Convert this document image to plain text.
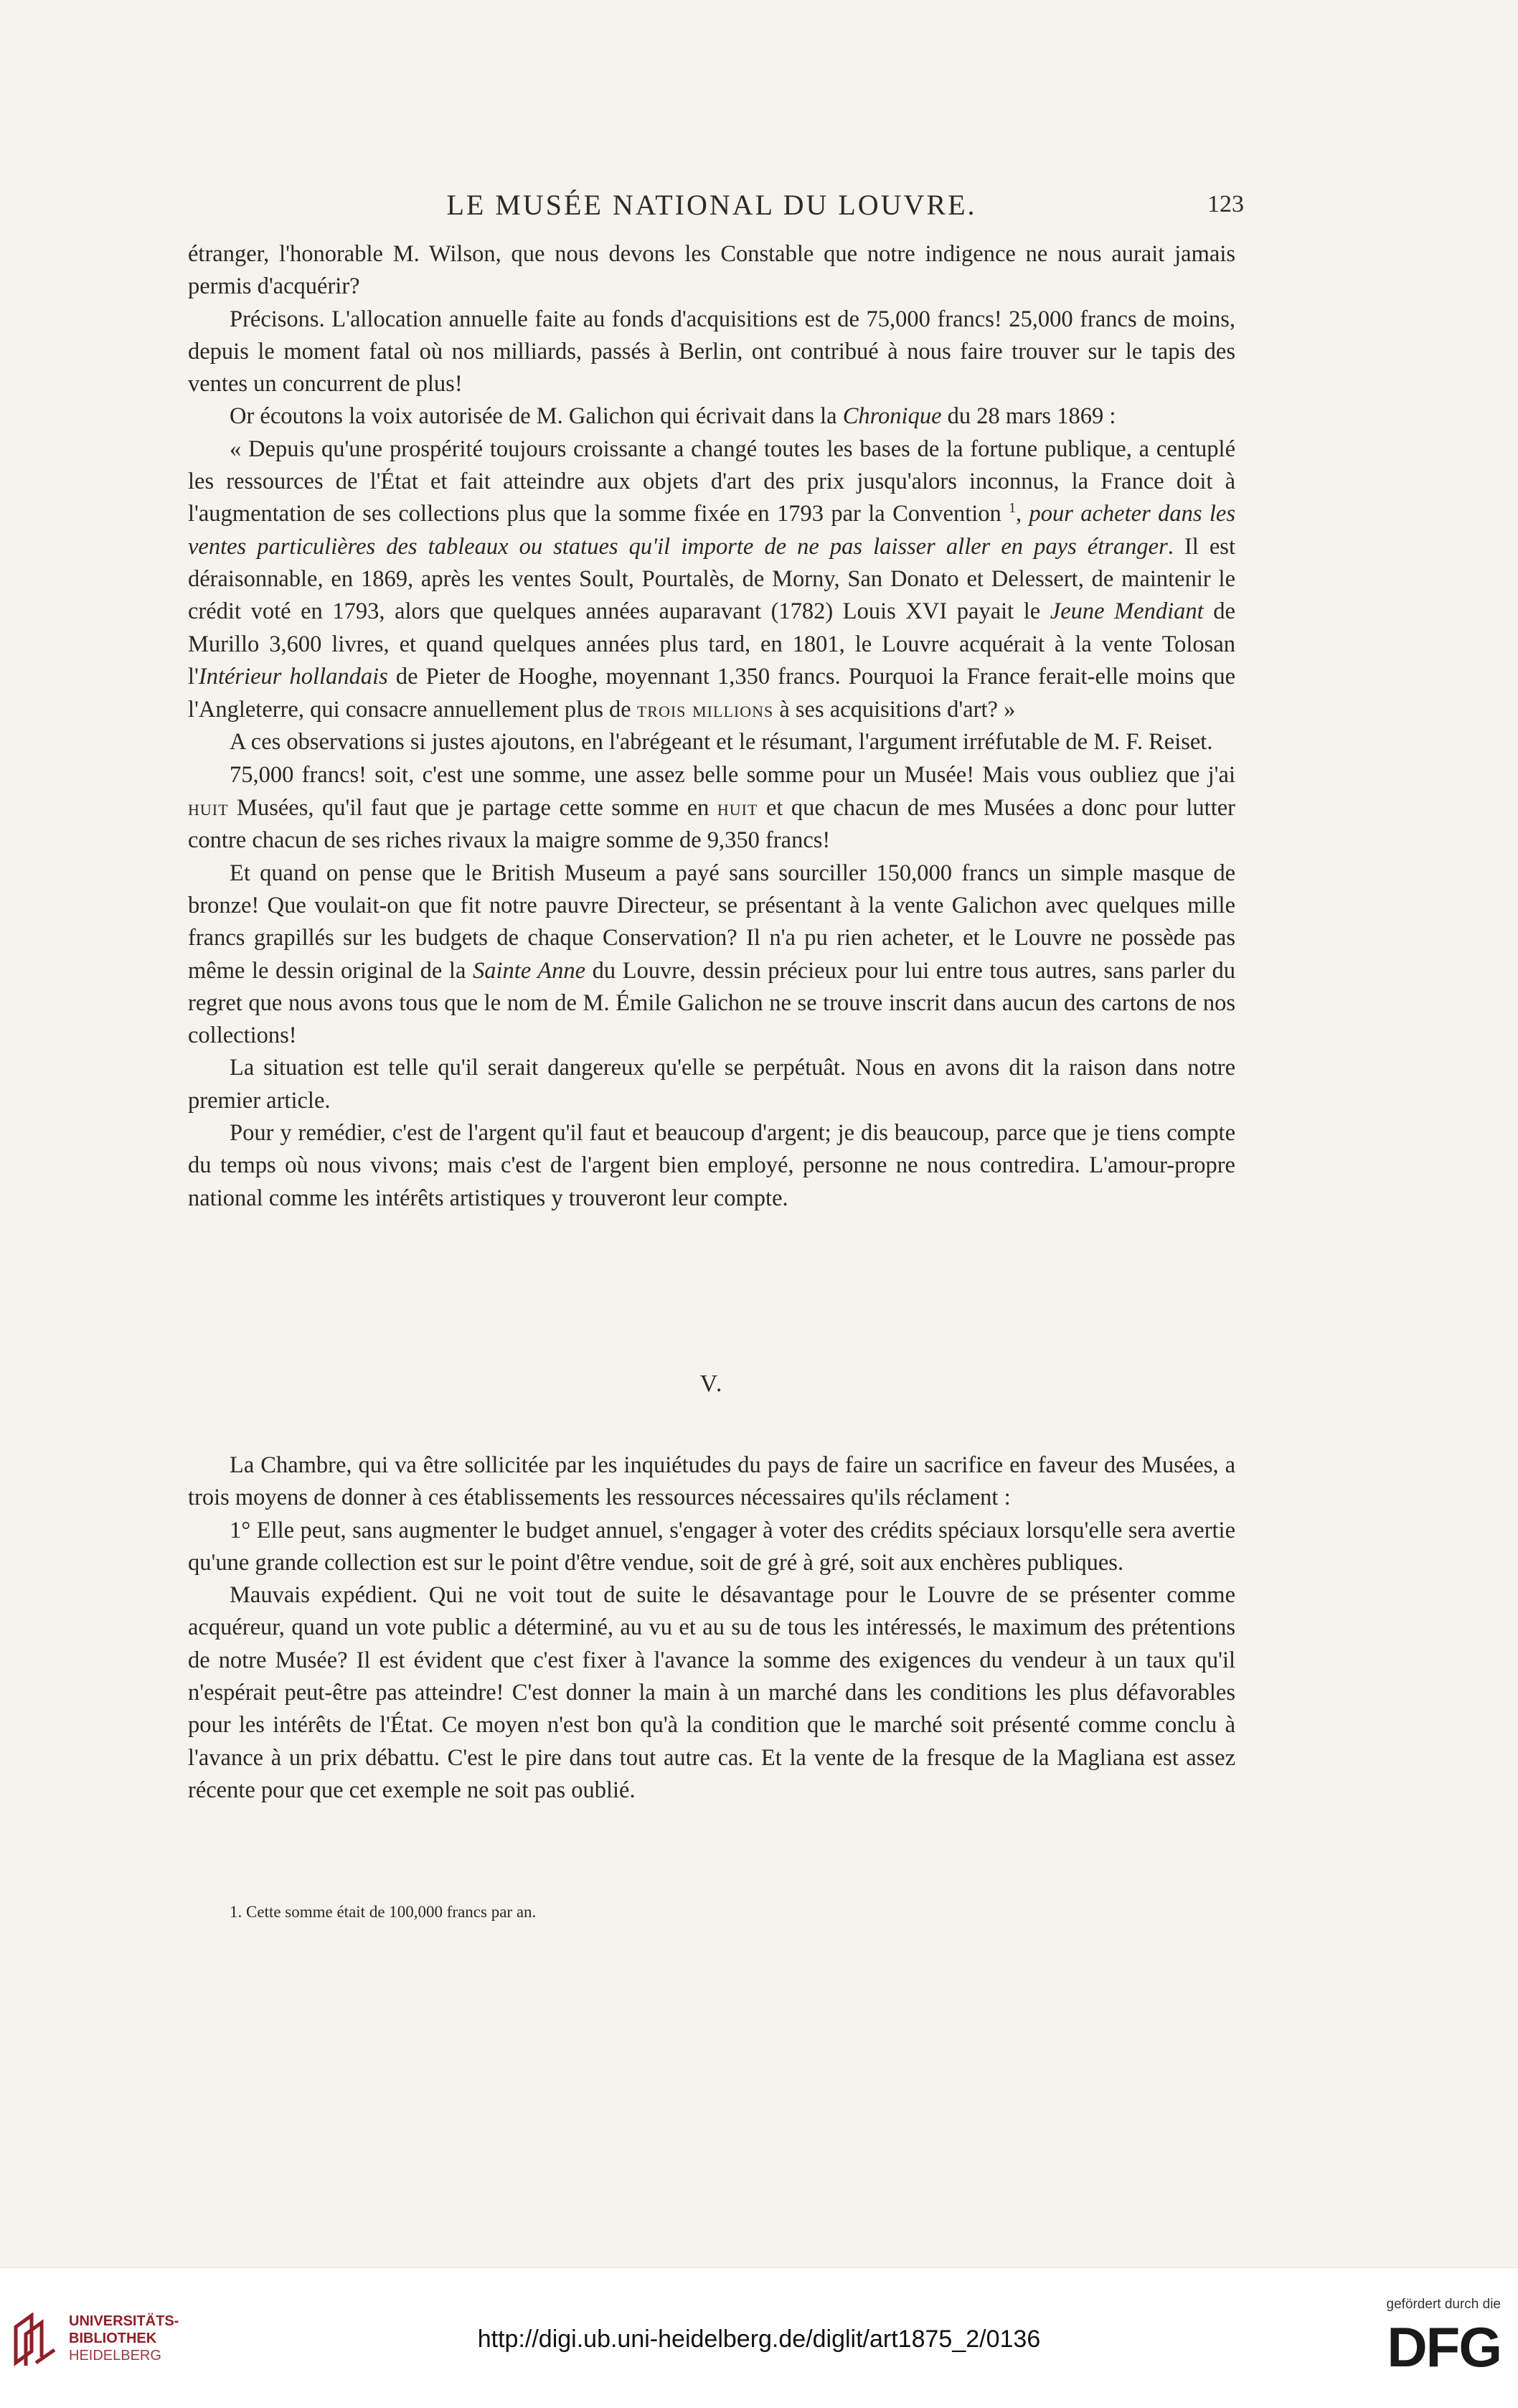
LE MUSÉE NATIONAL DU LOUVRE.	123

étranger, l'honorable M. Wilson, que nous devons les Constable que notre indigence ne nous aurait jamais permis d'acquérir?

Précisons. L'allocation annuelle faite au fonds d'acquisitions est de 75,000 francs! 25,000 francs de moins, depuis le moment fatal où nos milliards, passés à Berlin, ont contribué à nous faire trouver sur le tapis des ventes un concurrent de plus!

Or écoutons la voix autorisée de M. Galichon qui écrivait dans la Chronique du 28 mars 1869 :

« Depuis qu'une prospérité toujours croissante a changé toutes les bases de la fortune publique, a centuplé les ressources de l'État et fait atteindre aux objets d'art des prix jusqu'alors inconnus, la France doit à l'augmentation de ses collections plus que la somme fixée en 1793 par la Convention $^1$, pour acheter dans les ventes particulières des tableaux ou statues qu'il importe de ne pas laisser aller en pays étranger. Il est déraisonnable, en 1869, après les ventes Soult, Pourtalès, de Morny, San Donato et Delessert, de maintenir le crédit voté en 1793, alors que quelques années auparavant (1782) Louis XVI payait le Jeune Mendiant de Murillo 3,600 livres, et quand quelques années plus tard, en 1801, le Louvre acquérait à la vente Tolosan l'Intérieur hollandais de Pieter de Hooghe, moyennant 1,350 francs. Pourquoi la France ferait-elle moins que l'Angleterre, qui consacre annuellement plus de trois millions à ses acquisitions d'art? »

A ces observations si justes ajoutons, en l'abrégeant et le résumant, l'argument irréfutable de M. F. Reiset.

75,000 francs! soit, c'est une somme, une assez belle somme pour un Musée! Mais vous oubliez que j'ai huit Musées, qu'il faut que je partage cette somme en huit et que chacun de mes Musées a donc pour lutter contre chacun de ses riches rivaux la maigre somme de 9,350 francs!

Et quand on pense que le British Museum a payé sans sourciller 150,000 francs un simple masque de bronze! Que voulait-on que fit notre pauvre Directeur, se présentant à la vente Galichon avec quelques mille francs grapillés sur les budgets de chaque Conservation? Il n'a pu rien acheter, et le Louvre ne possède pas même le dessin original de la Sainte Anne du Louvre, dessin précieux pour lui entre tous autres, sans parler du regret que nous avons tous que le nom de M. Émile Galichon ne se trouve inscrit dans aucun des cartons de nos collections!

La situation est telle qu'il serait dangereux qu'elle se perpétuât. Nous en avons dit la raison dans notre premier article.

Pour y remédier, c'est de l'argent qu'il faut et beaucoup d'argent; je dis beaucoup, parce que je tiens compte du temps où nous vivons; mais c'est de l'argent bien employé, personne ne nous contredira. L'amour-propre national comme les intérêts artistiques y trouveront leur compte.

V.

La Chambre, qui va être sollicitée par les inquiétudes du pays de faire un sacrifice en faveur des Musées, a trois moyens de donner à ces établissements les ressources nécessaires qu'ils réclament :

1° Elle peut, sans augmenter le budget annuel, s'engager à voter des crédits spéciaux lorsqu'elle sera avertie qu'une grande collection est sur le point d'être vendue, soit de gré à gré, soit aux enchères publiques.

Mauvais expédient. Qui ne voit tout de suite le désavantage pour le Louvre de se présenter comme acquéreur, quand un vote public a déterminé, au vu et au su de tous les intéressés, le maximum des prétentions de notre Musée? Il est évident que c'est fixer à l'avance la somme des exigences du vendeur à un taux qu'il n'espérait peut-être pas atteindre! C'est donner la main à un marché dans les conditions les plus défavorables pour les intérêts de l'État. Ce moyen n'est bon qu'à la condition que le marché soit présenté comme conclu à l'avance à un prix débattu. C'est le pire dans tout autre cas. Et la vente de la fresque de la Magliana est assez récente pour que cet exemple ne soit pas oublié.

1. Cette somme était de 100,000 francs par an.
UNIVERSITÄTS-
BIBLIOTHEK
HEIDELBERG
http://digi.ub.uni-heidelberg.de/diglit/art1875_2/0136
gefördert durch die
DFG
